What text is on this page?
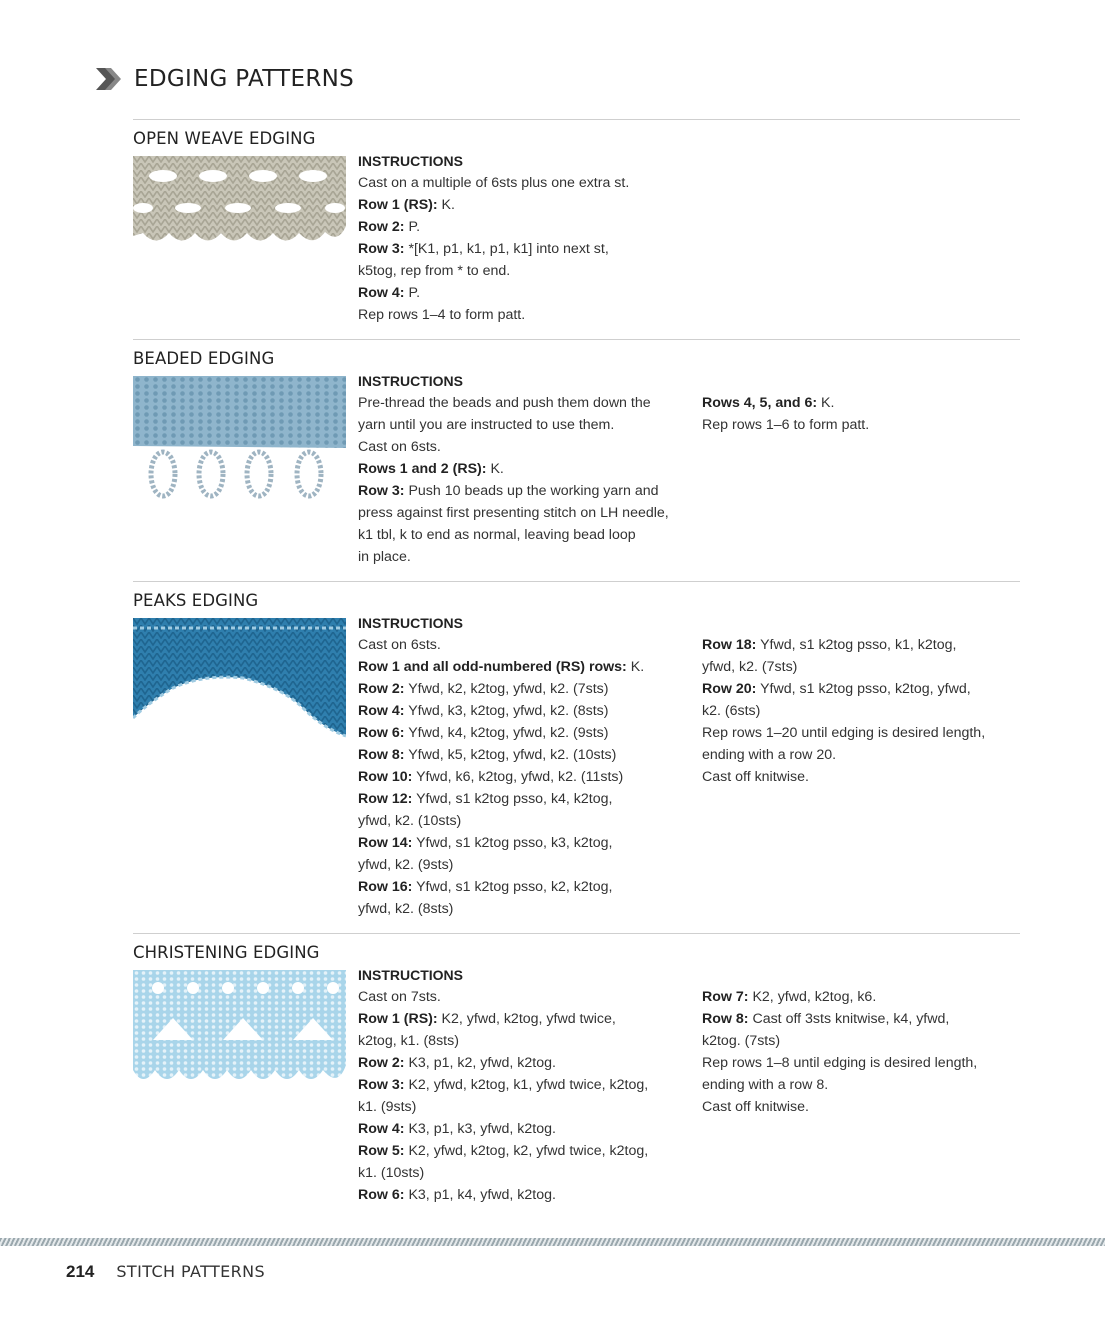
EDGING PATTERNS
OPEN WEAVE EDGING
INSTRUCTIONS
Cast on a multiple of 6sts plus one extra st.
Row 1 (RS): K.
Row 2: P.
Row 3: *[K1, p1, k1, p1, k1] into next st,
k5tog, rep from * to end.
Row 4: P.
Rep rows 1–4 to form patt.
BEADED EDGING
INSTRUCTIONS
Pre-thread the beads and push them down the
yarn until you are instructed to use them.
Cast on 6sts.
Rows 1 and 2 (RS): K.
Row 3: Push 10 beads up the working yarn and
press against first presenting stitch on LH needle,
k1 tbl, k to end as normal, leaving bead loop
in place.
Rows 4, 5, and 6: K.
Rep rows 1–6 to form patt.
PEAKS EDGING
INSTRUCTIONS
Cast on 6sts.
Row 1 and all odd-numbered (RS) rows: K.
Row 2: Yfwd, k2, k2tog, yfwd, k2. (7sts)
Row 4: Yfwd, k3, k2tog, yfwd, k2. (8sts)
Row 6: Yfwd, k4, k2tog, yfwd, k2. (9sts)
Row 8: Yfwd, k5, k2tog, yfwd, k2. (10sts)
Row 10: Yfwd, k6, k2tog, yfwd, k2. (11sts)
Row 12: Yfwd, s1 k2tog psso, k4, k2tog,
yfwd, k2. (10sts)
Row 14: Yfwd, s1 k2tog psso, k3, k2tog,
yfwd, k2. (9sts)
Row 16: Yfwd, s1 k2tog psso, k2, k2tog,
yfwd, k2. (8sts)
Row 18: Yfwd, s1 k2tog psso, k1, k2tog,
yfwd, k2. (7sts)
Row 20: Yfwd, s1 k2tog psso, k2tog, yfwd,
k2. (6sts)
Rep rows 1–20 until edging is desired length,
ending with a row 20.
Cast off knitwise.
CHRISTENING EDGING
INSTRUCTIONS
Cast on 7sts.
Row 1 (RS): K2, yfwd, k2tog, yfwd twice,
k2tog, k1. (8sts)
Row 2: K3, p1, k2, yfwd, k2tog.
Row 3: K2, yfwd, k2tog, k1, yfwd twice, k2tog,
k1. (9sts)
Row 4: K3, p1, k3, yfwd, k2tog.
Row 5: K2, yfwd, k2tog, k2, yfwd twice, k2tog,
k1. (10sts)
Row 6: K3, p1, k4, yfwd, k2tog.
Row 7: K2, yfwd, k2tog, k6.
Row 8: Cast off 3sts knitwise, k4, yfwd,
k2tog. (7sts)
Rep rows 1–8 until edging is desired length,
ending with a row 8.
Cast off knitwise.
214 STITCH PATTERNS
